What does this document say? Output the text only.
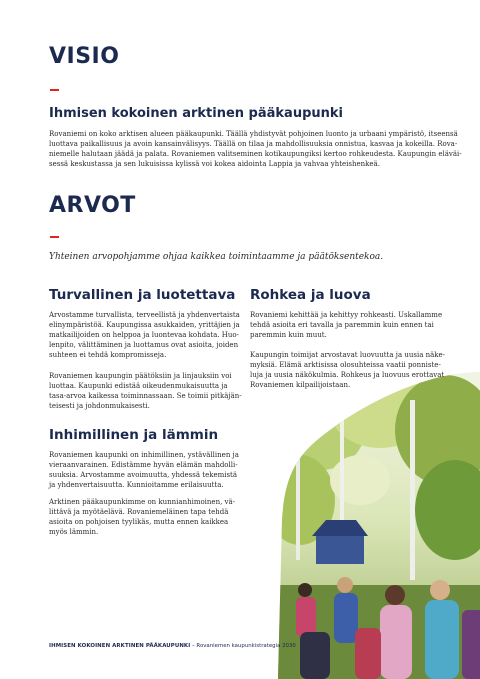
VISIO
Ihmisen kokoinen arktinen pääkaupunki

Rovaniemi on koko arktisen alueen pääkaupunki. Täällä yhdistyvät pohjoinen luonto ja urbaani ympäristö, itseensä

luottava paikallisuus ja avoin kansainvälisyys. Täällä on tilaa ja mahdollisuuksia onnistua, kasvaa ja kokeilla. Rova-

niemelle halutaan jäädä ja palata. Rovaniemen valitseminen kotikaupungiksi kertoo rohkeudesta. Kaupungin eläväi-

sessä keskustassa ja sen lukuisissa kylissä voi kokea aidointa Lappia ja vahvaa yhteishenkeä.

ARVOT

Yhteinen arvopohjamme ohjaa kaikkea toimintaamme ja päätöksentekoa.

Turvallinen ja luotettava

Arvostamme turvallista, terveellistä ja yhdenvertaista

elinympäristöä. Kaupungissa asukkaiden, yrittäjien ja

matkailijoiden on helppoa ja luontevaa kohdata. Huo-

lenpito, välittäminen ja luottamus ovat asioita, joiden

suhteen ei tehdä kompromisseja.

Rovaniemen kaupungin päätöksiin ja linjauksiin voi

luottaa. Kaupunki edistää oikeudenmukaisuutta ja

tasa-arvoa kaikessa toiminnassaan. Se toimii pitkäjän-

teisesti ja johdonmukaisesti.

Rohkea ja luova

Rovaniemi kehittää ja kehittyy rohkeasti. Uskallamme

tehdä asioita eri tavalla ja paremmin kuin ennen tai

paremmin kuin muut.

Kaupungin toimijat arvostavat luovuutta ja uusia näke-

myksiä. Elämä arktisissa olosuhteissa vaatii ponniste-

luja ja uusia näkökulmia. Rohkeus ja luovuus erottavat

Rovaniemen kilpailijoistaan.

Inhimillinen ja lämmin

Rovaniemen kaupunki on inhimillinen, ystävällinen ja

vieraanvarainen. Edistämme hyvän elämän mahdolli-

suuksia. Arvostamme avoimuutta, yhdessä tekemistä

ja yhdenvertaisuutta. Kunnioitamme erilaisuutta.

Arktinen pääkaupunkimme on kunnianhimoinen, vä-

littävä ja myötäelävä. Rovaniemeläinen tapa tehdä

asioita on pohjoisen tyylikäs, mutta ennen kaikkea

myös lämmin.

IHMISEN KOKOINEN ARKTINEN PÄÄKAUPUNKI – Rovaniemen kaupunkistrategia 2030
